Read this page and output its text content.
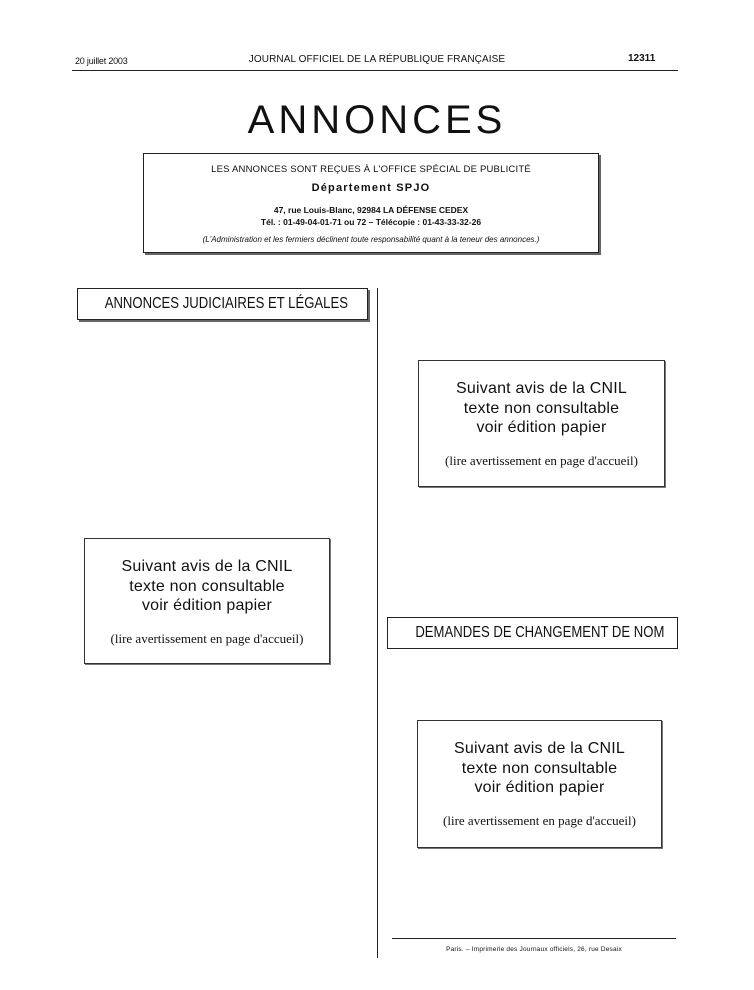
20 juillet 2003	JOURNAL OFFICIEL DE LA RÉPUBLIQUE FRANÇAISE	12311
ANNONCES
LES ANNONCES SONT REÇUES À L'OFFICE SPÉCIAL DE PUBLICITÉ
Département SPJO
47, rue Louis-Blanc, 92984 LA DÉFENSE CEDEX
Tél. : 01-49-04-01-71 ou 72 – Télécopie : 01-43-33-32-26
(L'Administration et les fermiers déclinent toute responsabilité quant à la teneur des annonces.)
ANNONCES JUDICIAIRES ET LÉGALES
Suivant avis de la CNIL
texte non consultable
voir édition papier
(lire avertissement en page d'accueil)
Suivant avis de la CNIL
texte non consultable
voir édition papier
(lire avertissement en page d'accueil)	DEMANDES DE CHANGEMENT DE NOM
Suivant avis de la CNIL
texte non consultable
voir édition papier
(lire avertissement en page d'accueil)
Paris. – Imprimerie des Journaux officiels, 26, rue Desaix
